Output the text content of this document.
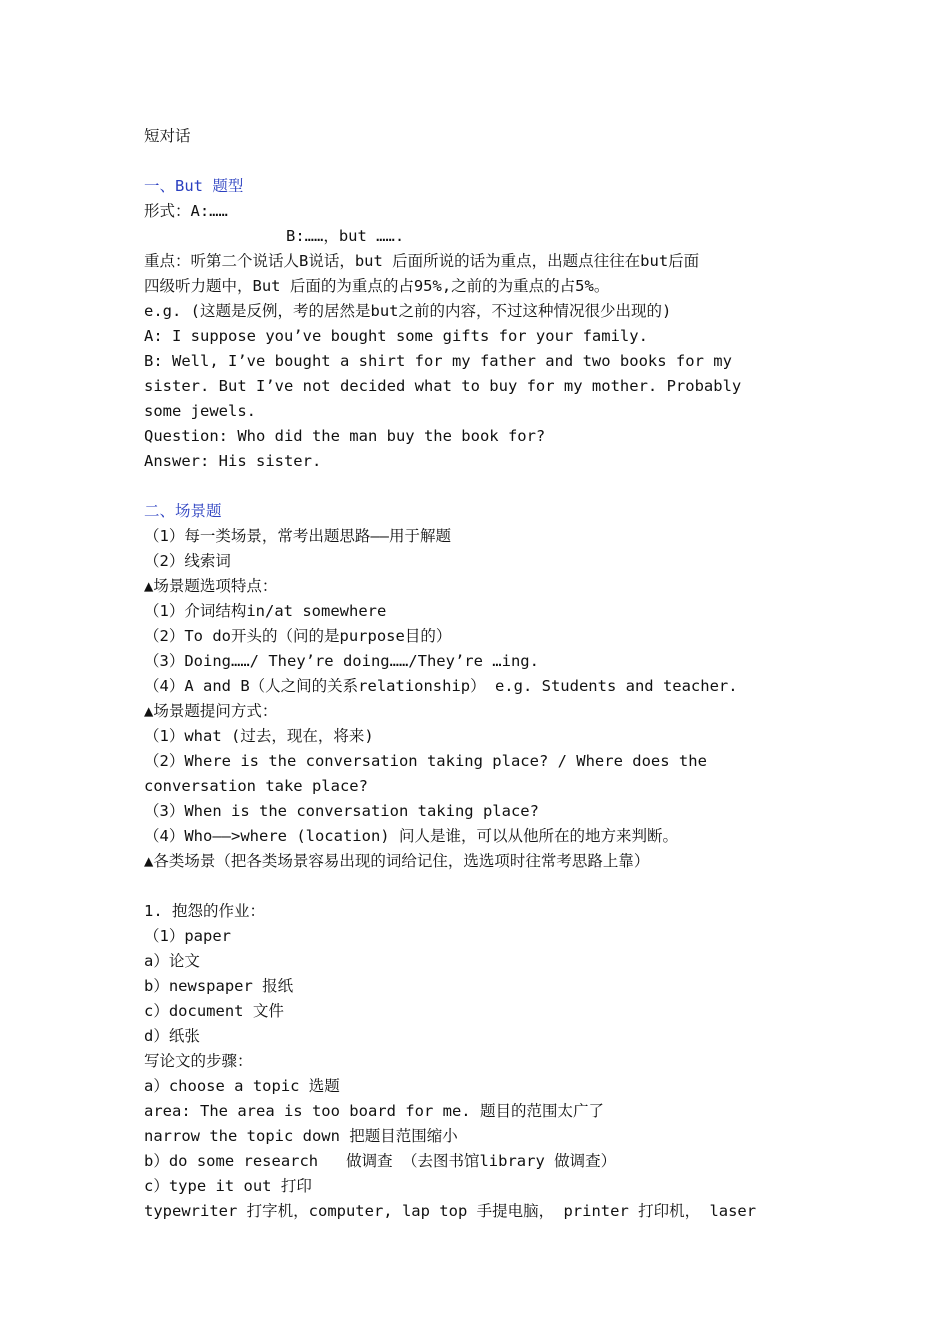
短对话
一、But 题型
形式：A:……
B:……，but …….
重点：听第二个说话人B说话，but 后面所说的话为重点，出题点往往在but后面
四级听力题中，But 后面的为重点的占95%,之前的为重点的占5%。
e.g. (这题是反例，考的居然是but之前的内容，不过这种情况很少出现的)
A: I suppose you’ve bought some gifts for your family.
B: Well, I’ve bought a shirt for my father and two books for my
sister. But I’ve not decided what to buy for my mother. Probably
some jewels.
Question: Who did the man buy the book for?
Answer: His sister.
二、场景题
（1）每一类场景，常考出题思路——用于解题
（2）线索词
▲场景题选项特点：
（1）介词结构in/at somewhere
（2）To do开头的（问的是purpose目的）
（3）Doing……/ They’re doing……/They’re …ing.
（4）A and B（人之间的关系relationship） e.g. Students and teacher.
▲场景题提问方式：
（1）what (过去，现在，将来)
（2）Where is the conversation taking place? / Where does the
conversation take place?
（3）When is the conversation taking place?
（4）Who——>where (location) 问人是谁，可以从他所在的地方来判断。
▲各类场景（把各类场景容易出现的词给记住，选选项时往常考思路上靠）
1. 抱怨的作业：
（1）paper
a）论文
b）newspaper 报纸
c）document 文件
d）纸张
写论文的步骤：
a）choose a topic 选题
area: The area is too board for me. 题目的范围太广了
narrow the topic down 把题目范围缩小
b）do some research   做调查 （去图书馆library 做调查）
c）type it out 打印
typewriter 打字机，computer, lap top 手提电脑， printer 打印机， laser
